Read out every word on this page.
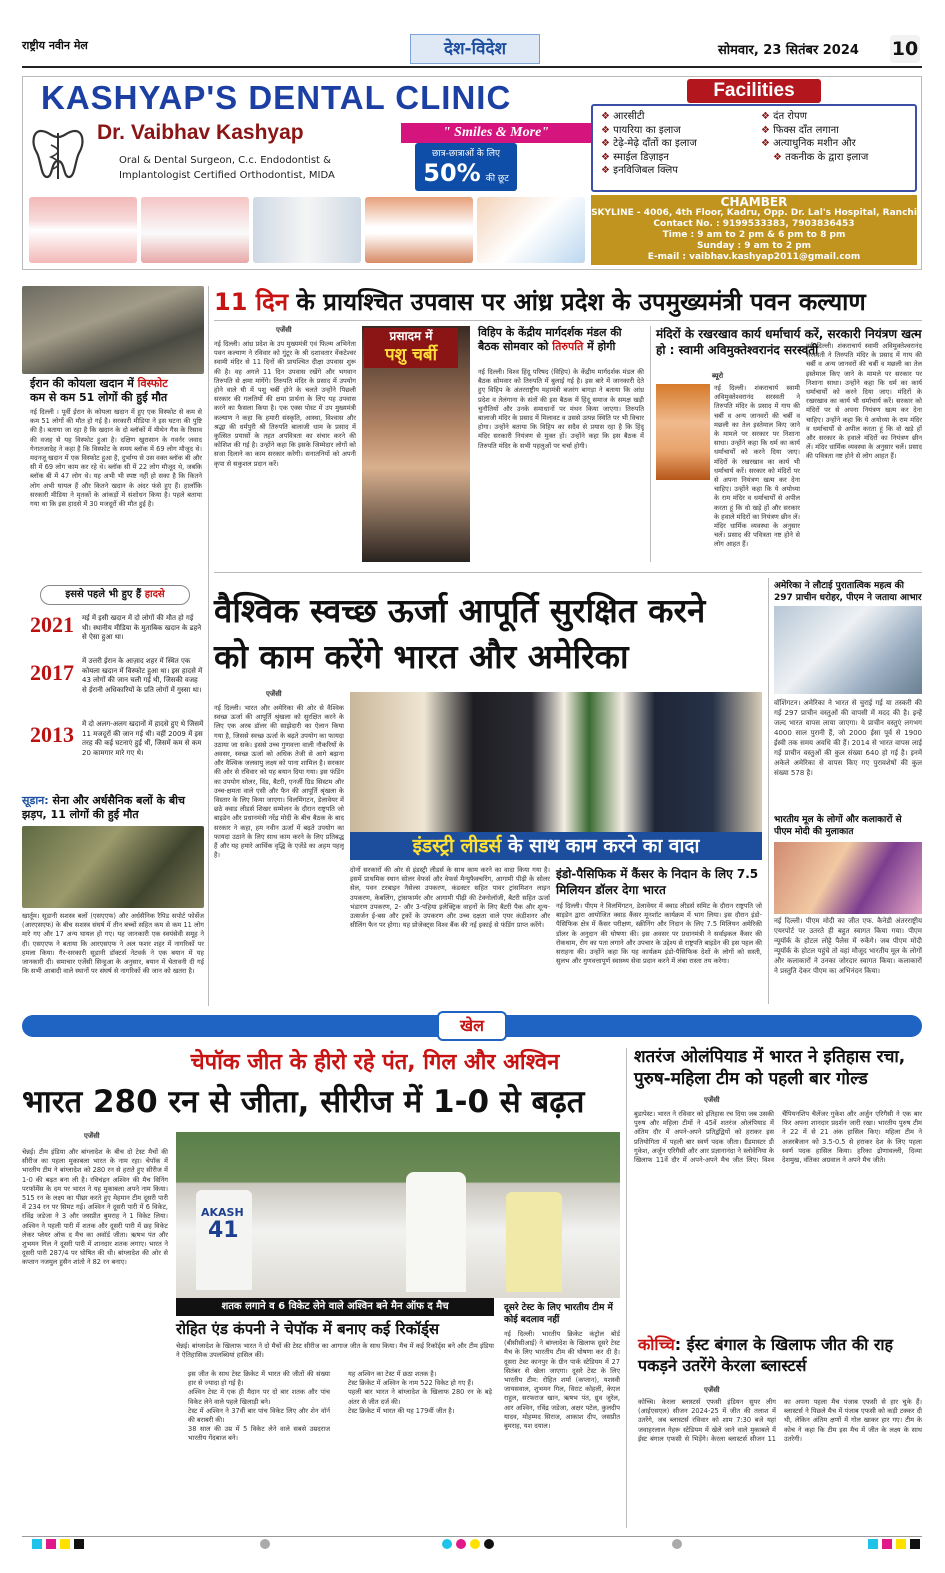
राष्ट्रीय नवीन मेल	देश-विदेश	सोमवार, 23 सितंबर 2024 10
KASHYAP'S DENTAL CLINIC
Dr. Vaibhav Kashyap
Oral & Dental Surgeon, C.c. Endodontist &
Implantologist Certified Orthodontist, MIDA
" Smiles & More"
छात्र-छात्राओं के लिए
50% की छूट
Facilities
❖ आरसीटी
❖ पायरिया का इलाज
❖ टेढ़े-मेढ़े दाँतों का इलाज
❖ स्माईल डिज़ाइन
❖ इनविजिबल क्लिप
❖ दंत रोपण
❖ फिक्स दाँत लगाना
❖ अत्याधुनिक मशीन और
❖ तकनीक के द्वारा इलाज
CHAMBER
SKYLINE - 4006, 4th Floor, Kadru, Opp. Dr. Lal's Hospital, Ranchi
Contact No. : 9199533383, 7903836453
Time : 9 am to 2 pm & 6 pm to 8 pm
Sunday : 9 am to 2 pm
E-mail : vaibhav.kashyap2011@gmail.com
ईरान की कोयला खदान में विस्फोट
कम से कम 51 लोगों की हुई मौत
नई दिल्ली । पूर्वी ईरान के कोयला खदान में हुए एक विस्फोट से कम से कम 51 लोगों की मौत हो गई है। सरकारी मीडिया ने इस घटना की पुष्टि की है। बताया जा रहा है कि खदान के दो ब्लॉकों में मीथेन गैस के रिसाव की वजह से यह विस्फोट हुआ है। दक्षिण खुरासान के गवर्नर जवाद गेनातजादेह ने कहा है कि विस्फोट के समय ब्लॉक में 69 लोग मौजूद थे। मदनजू खदान में एक विस्फोट हुआ है, दुर्भाग्य से उस वक्त ब्लॉक बी और सी में 69 लोग काम कर रहे थे। ब्लॉक सी में 22 लोग मौजूद थे, जबकि ब्लॉक बी में 47 लोग थे। यह अभी भी स्पष्ट नहीं हो सका है कि कितने लोग अभी घायल हैं और कितने खदान के अंदर फंसे हुए हैं। हालाँकि सरकारी मीडिया ने मृतकों के आंकड़ों में संशोधन किया है। पहले बताया गया था कि इस हादसे में 30 मजदूरों की मौत हुई है।
इससे पहले भी हुए हैं हादसे
2021 मई में इसी खदान में दो लोगों की मौत हो गई थी। स्थानीय मीडिया के मुताबिक खदान के ढहने से ऐसा हुआ था।
2017 में उत्तरी ईरान के आज़ाद शहर में स्थित एक कोयला खदान में विस्फोट हुआ था। इस हादसे में 43 लोगों की जान चली गई थी, जिसकी वजह से ईरानी अधिकारियों के प्रति लोगों में गुस्सा था।
2013 में दो अलग-अलग खदानों में हादसे हुए थे जिसमें 11 मजदूरों की जान गई थी। वहीं 2009 में इस तरह की कई घटनाएं हुई थीं, जिसमें कम से कम 20 कामगार मारे गए थे।
सूडान: सेना और अर्धसैनिक बलों के बीच झड़प, 11 लोगों की हुई मौत
खार्तूम। सूडानी सशस्त्र बलों (एसएएफ) और अर्धसैनिक रैपिड सपोर्ट फोर्सेज (आरएसएफ) के बीच सशस्त्र संघर्ष में तीन बच्चों सहित कम से कम 11 लोग मारे गए और 17 अन्य घायल हो गए। यह जानकारी एक स्वयंसेवी समूह ने दी। एसएएफ ने बताया कि आरएसएफ ने अल फशर शहर में नागरिकों पर हमला किया। गैर-सरकारी सूडानी डॉक्टर्स नेटवर्क ने एक बयान में यह जानकारी दी। समाचार एजेंसी सिन्हुआ के अनुसार, बयान में चेतावनी दी गई कि सभी आबादी वाले स्थानों पर संघर्ष से नागरिकों की जान को खतरा है।
11 दिन के प्रायश्चित उपवास पर आंध्र प्रदेश के उपमुख्यमंत्री पवन कल्याण
एजेंसी
नई दिल्ली। आंध्र प्रदेश के उप मुख्यमंत्री एवं फिल्म अभिनेता पवन कल्याण ने रविवार को गुंटूर के श्री दशावतार वेंकटेश्वर स्वामी मंदिर से 11 दिनों की प्रायश्चित दीक्षा उपवास शुरू की है। वह अगले 11 दिन उपवास रखेंगे और भगवान तिरुपति से क्षमा मांगेंगे। तिरुपति मंदिर के प्रसाद में उपयोग होने वाले घी में पशु चर्बी होने के चलते उन्होंने पिछली सरकार की गलतियों की क्षमा प्रार्थना के लिए यह उपवास करने का फैसला किया है। एक एक्स पोस्ट में उप मुख्यमंत्री कल्याण ने कहा कि हमारी संस्कृति, आस्था, विश्वास और श्रद्धा की धर्मपुरी श्री तिरुपति बालाजी धाम के प्रसाद में कुत्सित प्रयासों के तहत अपवित्रता का संचार करने की कोशिश की गई है। उन्होंने कहा कि इसके जिम्मेदार लोगों को सजा दिलाने का काम सरकार करेगी। सनातनियों को अपनी कृपा से सकुशल प्रदान करें।
प्रसादम में
पशु चर्बी
विहिप के केंद्रीय मार्गदर्शक मंडल की बैठक सोमवार को तिरुपति में होगी
नई दिल्ली। विश्व हिंदू परिषद (विहिप) के केंद्रीय मार्गदर्शक मंडल की बैठक सोमवार को तिरुपति में बुलाई गई है। इस बारे में जानकारी देते हुए विहिप के अंतरराष्ट्रीय महामंत्री बजरंग बागड़ा ने बताया कि आंध्र प्रदेश व तेलंगाना के संतों की इस बैठक में हिंदू समाज के समक्ष खड़ी चुनौतियों और उनके समाधानों पर मंथन किया जाएगा। तिरुपति बालाजी मंदिर के प्रसाद में मिलावट व उससे उत्पन्न स्थिति पर भी विचार होगा। उन्होंने बताया कि विहिप का सदैव से प्रयास रहा है कि हिंदू मंदिर सरकारी नियंत्रण से मुक्त हों। उन्होंने कहा कि इस बैठक में तिरुपति मंदिर के सभी पहलुओं पर चर्चा होगी।
मंदिरों के रखरखाव कार्य धर्माचार्य करें, सरकारी नियंत्रण खत्म हो : स्वामी अविमुक्तेश्वरानंद सरस्वती
ब्यूरो
नई दिल्ली। शंकराचार्य स्वामी अविमुक्तेश्वरानंद सरस्वती ने तिरुपति मंदिर के प्रसाद में गाय की चर्बी व अन्य जानवरों की चर्बी व मछली का तेल इस्तेमाल किए जाने के मामले पर सरकार पर निशाना साधा। उन्होंने कहा कि धर्म का कार्य धर्माचार्यों को करने दिया जाए। मंदिरों के रखरखाव का कार्य भी धर्माचार्य करें। सरकार को मंदिरों पर से अपना नियंत्रण खत्म कर देना चाहिए। उन्होंने कहा कि ये अयोध्या के राम मंदिर व धर्माचार्यों से अपील करता हूं कि वो खड़े हों और सरकार के हवाले मंदिरों का नियंत्रण छीन लें। मंदिर धार्मिक व्यवस्था के अनुसार चलें। प्रसाद की पवित्रता नष्ट होने से लोग आहत हैं।
नई दिल्ली। शंकराचार्य स्वामी अविमुक्तेश्वरानंद सरस्वती ने तिरुपति मंदिर के प्रसाद में गाय की चर्बी व अन्य जानवरों की चर्बी व मछली का तेल इस्तेमाल किए जाने के मामले पर सरकार पर निशाना साधा। उन्होंने कहा कि धर्म का कार्य धर्माचार्यों को करने दिया जाए। मंदिरों के रखरखाव का कार्य भी धर्माचार्य करें। सरकार को मंदिरों पर से अपना नियंत्रण खत्म कर देना चाहिए। उन्होंने कहा कि ये अयोध्या के राम मंदिर व धर्माचार्यों से अपील करता हूं कि वो खड़े हों और सरकार के हवाले मंदिरों का नियंत्रण छीन लें। मंदिर धार्मिक व्यवस्था के अनुसार चलें। प्रसाद की पवित्रता नष्ट होने से लोग आहत हैं।
वैश्विक स्वच्छ ऊर्जा आपूर्ति सुरक्षित करने
को काम करेंगे भारत और अमेरिका
एजेंसी
नई दिल्ली। भारत और अमेरिका की ओर से वैश्विक स्वच्छ ऊर्जा की आपूर्ति श्रृंखला को सुरक्षित करने के लिए एक अरब डॉलर की साझेदारी का ऐलान किया गया है, जिससे स्वच्छ ऊर्जा के बढ़ते उपयोग का फायदा उठाया जा सके। इससे उच्च गुणवत्ता वाली नौकरियों के अवसर, स्वच्छ ऊर्जा को अधिक तेजी से आगे बढ़ाना और वैश्विक जलवायु लक्ष्य को पाना शामिल है। सरकार की ओर से रविवार को यह बयान दिया गया। इस फंडिंग का उपयोग सोलर, विंड, बैटरी, एनर्जी ग्रिड सिस्टम और उच्च-क्षमता वाले एसी और फैन की आपूर्ति श्रृंखला के विस्तार के लिए किया जाएगा। विलमिंगटन, डेलावेयर में छठे क्वाड लीडर्स शिखर सम्मेलन के दौरान राष्ट्रपति जो बाइडेन और प्रधानमंत्री नरेंद्र मोदी के बीच बैठक के बाद सरकार ने कहा, हम नवीन ऊर्जा में बढ़ते उपयोग का फायदा उठाने के लिए साथ काम करने के लिए प्रतिबद्ध हैं और यह हमारे आर्थिक वृद्धि के एजेंडे का अहम पहलू है।	इंडस्ट्री लीडर्स के साथ काम करने का वादा
दोनों सरकारों की ओर से इंडस्ट्री लीडर्स के साथ काम करने का वादा किया गया है। इसमें प्राथमिक स्थान सोलर वेफर्स और वेफर्स मैन्युफैक्चरिंग, आगामी पीढ़ी के सोलर सेल, पवन टरबाइन नैसेल्स उपकरण, कंडक्टर सहित पावर ट्रांसमिशन लाइन उपकरण, केबलिंग, ट्रांसफार्मर और आगामी पीढ़ी की टेक्नोलॉजी, बैटरी सहित ऊर्जा भंडारण उपकरण, 2- और 3-पहिया इलेक्ट्रिक वाहनों के लिए बैटरी पैक और शून्य-उत्सर्जन ई-बस और ट्रकों के उपकरण और उच्च दक्षता वाले एयर कंडीशनर और सीलिंग फैन पर होगा। यह प्रोजेक्ट्स विश्व बैंक की नई इकाई से फंडिंग प्राप्त करेंगे।
इंडो-पैसिफिक में कैंसर के निदान के लिए 7.5 मिलियन डॉलर देगा भारत
नई दिल्ली। पीएम ने विलमिंगटन, डेलावेयर में क्वाड लीडर्स समिट के दौरान राष्ट्रपति जो बाइडेन द्वारा आयोजित क्वाड कैंसर मूनशॉट कार्यक्रम में भाग लिया। इस दौरान इंडो-पैसिफिक क्षेत्र में कैंसर परीक्षण, स्क्रीनिंग और निदान के लिए 7.5 मिलियन अमेरिकी डॉलर के अनुदान की घोषणा की। इस अवसर पर प्रधानमंत्री ने सर्वाइकल कैंसर की रोकथाम, रोग का पता लगाने और उपचार के उद्देश्य से राष्ट्रपति बाइडेन की इस पहल की सराहना की। उन्होंने कहा कि यह कार्यक्रम इंडो-पैसिफिक देशों के लोगों को सस्ती, सुलभ और गुणवत्तापूर्ण स्वास्थ्य सेवा प्रदान करने में लंबा रास्ता तय करेगा।
अमेरिका ने लौटाई पुरातात्विक महत्व की 297 प्राचीन धरोहर, पीएम ने जताया आभार
वॉशिंगटन। अमेरिका ने भारत से चुराई गई या तस्करी की गई 297 प्राचीन वस्तुओं की वापसी में मदद की है। इन्हें जल्द भारत वापस लाया जाएगा। ये प्राचीन वस्तुएं लगभग 4000 साल पुरानी हैं, जो 2000 ईसा पूर्व से 1900 ईस्वी तक समय अवधि की हैं। 2014 से भारत वापस लाई गई प्राचीन वस्तुओं की कुल संख्या 640 हो गई है। इनमें अकेले अमेरिका से वापस किए गए पुरावशेषों की कुल संख्या 578 है।
भारतीय मूल के लोगों और कलाकारों से पीएम मोदी की मुलाकात
नई दिल्ली। पीएम मोदी का जीत एफ. कैनेडी अंतरराष्ट्रीय एयरपोर्ट पर उतरते ही बहुत स्वागत किया गया। पीएम न्यूयॉर्क के होटल लोट्टे पैलेस में रुकेंगे। जब पीएम मोदी न्यूयॉर्क के होटल पहुंचे तो वहां मौजूद भारतीय मूल के लोगों और कलाकारों ने उनका जोरदार स्वागत किया। कलाकारों ने प्रस्तुति देकर पीएम का अभिनंदन किया।
खेल
चेपॉक जीत के हीरो रहे पंत, गिल और अश्विन
भारत 280 रन से जीता, सीरीज में 1-0 से बढ़त
एजेंसी
चेन्नई। टीम इंडिया और बांग्लादेश के बीच दो टेस्ट मैचों की सीरीज का पहला मुकाबला भारत के नाम रहा। चेपॉक में भारतीय टीम ने बांग्लादेश को 280 रन से हराते हुए सीरीज में 1-0 की बढ़त बना ली है। रविचंद्रन अश्विन की मैच विनिंग परफॉर्मेंस के दम पर भारत ने यह मुकाबला अपने नाम किया। 515 रन के लक्ष्य का पीछा करते हुए मेहमान टीम दूसरी पारी में 234 रन पर सिमट गई। अश्विन ने दूसरी पारी में 6 विकेट, रविंद्र जडेजा ने 3 और जसप्रीत बुमराह ने 1 विकेट लिया। अश्विन ने पहली पारी में शतक और दूसरी पारी में छह विकेट लेकर प्लेयर ऑफ द मैच का अवॉर्ड जीता। ऋषभ पंत और शुभमन गिल ने दूसरी पारी में शानदार शतक लगाए। भारत ने दूसरी पारी 287/4 पर घोषित की थी। बांग्लादेश की ओर से कप्तान नजमुल हुसैन शांतो ने 82 रन बनाए।
AKASH
41
शतक लगाने व 6 विकेट लेने वाले अश्विन बने मैन ऑफ द मैच
रोहित एंड कंपनी ने चेपॉक में बनाए कई रिकॉर्ड्स
चेन्नई। बांग्लादेश के खिलाफ भारत ने दो मैचों की टेस्ट सीरीज का आगाज जीत के साथ किया। मैच में कई रिकॉर्ड्स बने और टीम इंडिया ने ऐतिहासिक उपलब्धियां हासिल कीं।
• इस जीत के साथ टेस्ट क्रिकेट में भारत की जीतों की संख्या हार से ज्यादा हो गई है।
• अश्विन टेस्ट में एक ही मैदान पर दो बार शतक और पांच विकेट लेने वाले पहले खिलाड़ी बने।
• टेस्ट में अश्विन ने 37वीं बार पांच विकेट लिए और शेन वॉर्न की बराबरी की।
• 38 साल की उम्र में 5 विकेट लेने वाले सबसे उम्रदराज भारतीय गेंदबाज बने।
• यह अश्विन का टेस्ट में छठा शतक है।
• टेस्ट क्रिकेट में अश्विन के नाम 522 विकेट हो गए हैं।
• पहली बार भारत ने बांग्लादेश के खिलाफ 280 रन के बड़े अंतर से जीत दर्ज की।
• टेस्ट क्रिकेट में भारत की यह 179वीं जीत है।
दूसरे टेस्ट के लिए भारतीय टीम में कोई बदलाव नहीं
नई दिल्ली। भारतीय क्रिकेट कंट्रोल बोर्ड (बीसीसीआई) ने बांग्लादेश के खिलाफ दूसरे टेस्ट मैच के लिए भारतीय टीम की घोषणा कर दी है। दूसरा टेस्ट कानपुर के ग्रीन पार्क स्टेडियम में 27 सितंबर से खेला जाएगा। दूसरे टेस्ट के लिए भारतीय टीम: रोहित शर्मा (कप्तान), यशस्वी जायसवाल, शुभमन गिल, विराट कोहली, केएल राहुल, सरफराज खान, ऋषभ पंत, ध्रुव जुरेल, आर अश्विन, रविंद्र जडेजा, अक्षर पटेल, कुलदीप यादव, मोहम्मद सिराज, आकाश दीप, जसप्रीत बुमराह, यश दयाल।
शतरंज ओलंपियाड में भारत ने इतिहास रचा, पुरुष-महिला टीम को पहली बार गोल्ड
एजेंसी
बुडापेस्ट। भारत ने रविवार को इतिहास रच दिया जब उसकी पुरुष और महिला टीमों ने 45वें शतरंज ओलंपियाड में अंतिम दौर में अपने-अपने प्रतिद्वंद्वियों को हराकर इस प्रतियोगिता में पहली बार स्वर्ण पदक जीता। ग्रैंडमास्टर डी गुकेश, अर्जुन एरिगैसी और आर प्रज्ञानानंदा ने स्लोवेनिया के खिलाफ 11वें दौर में अपने-अपने मैच जीत लिए। विश्व चैंपियनशिप चैलेंजर गुकेश और अर्जुन एरिगैसी ने एक बार फिर अपना शानदार प्रदर्शन जारी रखा। भारतीय पुरुष टीम ने 22 में से 21 अंक हासिल किए। महिला टीम ने अजरबैजान को 3.5-0.5 से हराकर देश के लिए पहला स्वर्ण पदक हासिल किया। हरिका द्रोणावल्ली, दिव्या देशमुख, वंतिका अग्रवाल ने अपने मैच जीते।
कोच्चि: ईस्ट बंगाल के खिलाफ जीत की राह पकड़ने उतरेंगे केरला ब्लास्टर्स
एजेंसी
कोच्चि। केरला ब्लास्टर्स एफसी इंडियन सुपर लीग (आईएसएल) सीजन 2024-25 में जीत की तलाश में उतरेंगे, जब ब्लास्टर्स रविवार को शाम 7:30 बजे यहां जवाहरलाल नेहरू स्टेडियम में खेले जाने वाले मुकाबले में ईस्ट बंगाल एफसी से भिड़ेंगे। केरला ब्लास्टर्स सीजन 11 का अपना पहला मैच पंजाब एफसी से हार चुके हैं। ब्लास्टर्स ने पिछले मैच में पंजाब एफसी को कड़ी टक्कर दी थी, लेकिन अंतिम क्षणों में गोल खाकर हार गए। टीम के कोच ने कहा कि टीम इस मैच में जीत के लक्ष्य के साथ उतरेगी।
